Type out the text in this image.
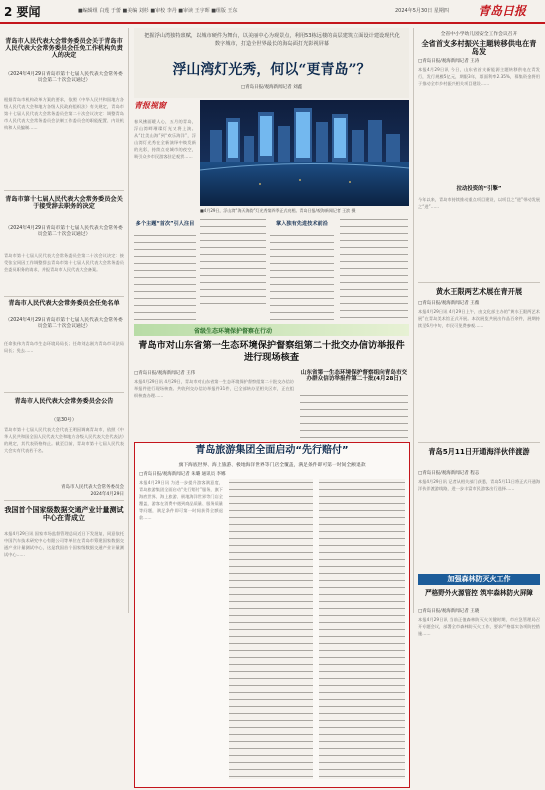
2 要闻	■编辑组 白莲 于蕾 ■美编 刘杉 ■审校 李丹 ■审读 王宇晖 ■组版 王东	2024年5月30日 星期四 青岛日报
青岛市人民代表大会常务委员会关于青岛市人民代表大会常务委员会任免工作机构负责人的决定
（2024年4月29日青岛市第十七届人民代表大会常务委员会第二十次会议通过）
根据青岛市机构改革方案的要求，依照《中华人民共和国地方各级人民代表大会和地方各级人民政府组织法》有关规定，青岛市第十七届人民代表大会常务委员会第二十次会议决定：调整青岛市人民代表大会常务委员会法制工作委员会的职能配置、内设机构和人员编制……
青岛市第十七届人民代表大会常务委员会关于接受辞去职务的决定
（2024年4月29日青岛市第十七届人民代表大会常务委员会第二十次会议通过）
青岛市第十七届人民代表大会常务委员会第二十次会议决定：接受张宝同因工作调整辞去青岛市第十七届人民代表大会常务委员会委员职务的请求，并报青岛市人民代表大会备案。
青岛市人民代表大会常务委员会任免名单
（2024年4月29日青岛市第十七届人民代表大会常务委员会第二十次会议通过）
任命张伟为青岛市生态环境局局长；任命刘志刚为青岛市司法局局长；免去……
青岛市人民代表大会常务委员会公告
（第30号）
青岛市第十七届人民代表大会代表王明因调离青岛市，依照《中华人民共和国全国人民代表大会和地方各级人民代表大会代表法》的规定，其代表资格终止。截至目前，青岛市第十七届人民代表大会实有代表若干名。
青岛市人民代表大会常务委员会
2024年4月29日
我国首个国家级数据交通产业计量测试中心在青成立
本报4月29日讯 国家市场监督管理总局近日下发批复，同意依托中国汽车技术研究中心有限公司等单位在青岛市筹建国家数据交通产业计量测试中心，这是我国首个国家级数据交通产业计量测试中心……
把握浮山湾独特禀赋，以城市硬件为舞台，以美丽中心为观景点，利用53栋远楼的高层建筑立面设计建设现代化数字城市，打造全世界最长的海岛面打光影视屏幕
浮山湾灯光秀，何以“更青岛”？
□青岛日报/观海新闻记者 刘鑫
青报视窗
■4月29日，浮山湾“海天海韵”灯光秀第四季正式亮相。青岛日报/观海新闻记者 王滨 摄
春风拂面暖人心，五月的青岛，浮山湾畔璀璨灯光又将上演。从“壮美山海”到“欢乐海洋”，浮山湾灯光秀在全新演绎中焕发新的光彩，持续点亮城市的夜空，吸引众多市民游客驻足观赏……
多个主题“首次”引人注目	掌入独有先进技术前沿
省级生态环境保护督察在行动
青岛市对山东省第一生态环境保护督察组第二十批交办信访举报件进行现场核查
□青岛日报/观海新闻记者 王伟
本报4月29日讯 4月29日，青岛市对山东省第一生态环境保护督察组第二十批交办信访举报件进行现场核查。共收到交办信访举报件31件，已全部转办至相关区市，正在组织核查办理……
山东省第一生态环境保护督察组向青岛市交办群众信访举报件第二十批(4月28日)
青岛旅游集团全面启动“先行赔付”
旗下海底世界、海上旅游、极地海洋世界等门店全覆盖，满足条件即可第一时间全额退款
□青岛日报/观海新闻记者 朱璐 通讯员 李娜
本报4月29日讯 为进一步提升游客满意度，青岛旅游集团全面启动“先行赔付”服务，旗下海底世界、海上旅游、极地海洋世界等门店全覆盖，游客在消费中遇到商品质量、服务质量等问题，满足条件即可第一时间获得全额退款……
全省中小学幼儿园安全工作会议召开
全省首支多村振兴主题转移供电在青岛发
□青岛日报/观海新闻记者 王涛
本报4月29日讯 今日，山东省首支新能源主题转移供电在青发行，发行规模5亿元，期限3年，票面利率2.35%，募集资金将用于推动全市乡村振兴相关项目建设……
拉动投资的“引擎”
今年以来，青岛市持续推动重点项目建设，以项目之“进”带动发展之“进”……
黄水王限两艺术展在青开展
□青岛日报/观海新闻记者 王薇
本报4月29日讯 4月29日上午，由文化部主办的“黄水王限两艺术展”在青岛美术馆正式开展。本次展览共展出作品百余件，展期持续至6月中旬，市民可免费参观……
青岛5月11日开通海洋伙伴渡游
□青岛日报/观海新闻记者 程志
本报4月29日讯 记者从相关部门获悉，青岛5月11日将正式开通海洋伙伴渡游线路，进一步丰富市民游客出行选择……
加强森林防灭火工作
严格野外火源管控 筑牢森林防火屏障
□青岛日报/观海新闻记者 王晓
本报4月29日讯 当前正值森林防灭火关键时期，市应急管理局召开专题会议，部署全市森林防灭火工作，要求严格落实各项防控措施……
